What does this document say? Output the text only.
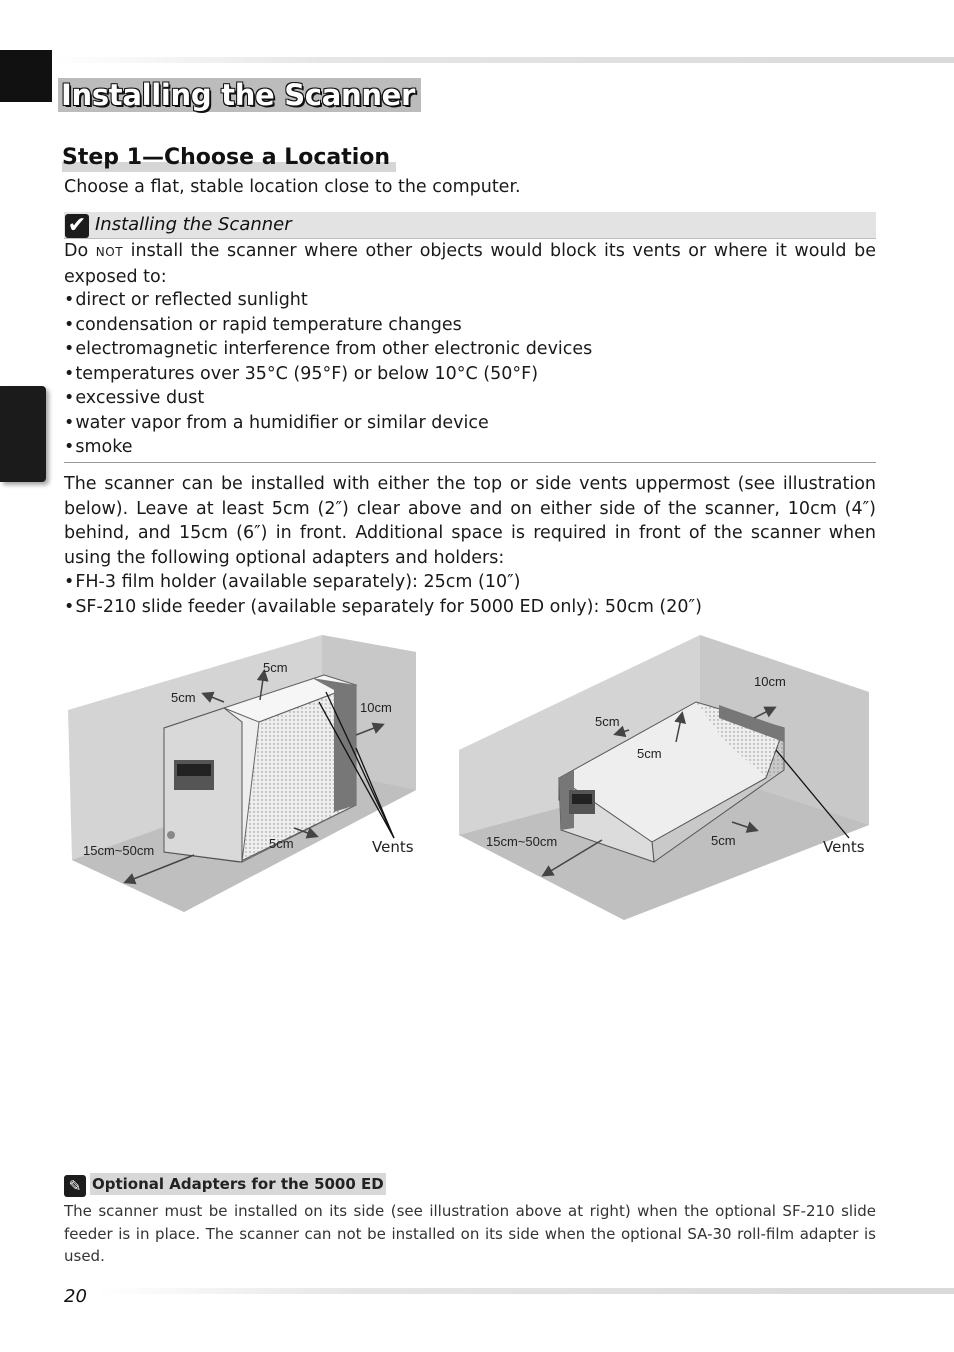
Installing the Scanner
Step 1—Choose a Location
Choose a flat, stable location close to the computer.
✔ Installing the Scanner
Do NOT install the scanner where other objects would block its vents or where it would be exposed to:
• direct or reflected sunlight
• condensation or rapid temperature changes
• electromagnetic interference from other electronic devices
• temperatures over 35°C (95°F) or below 10°C (50°F)
• excessive dust
• water vapor from a humidifier or similar device
• smoke
The scanner can be installed with either the top or side vents uppermost (see illustration below). Leave at least 5cm (2″) clear above and on either side of the scanner, 10cm (4″) behind, and 15cm (6″) in front. Additional space is required in front of the scanner when using the following optional adapters and holders:
• FH-3 film holder (available separately): 25cm (10″)
• SF-210 slide feeder (available separately for 5000 ED only): 50cm (20″)
5cm
5cm
10cm
15cm~50cm	5cm	Vents
10cm
5cm
5cm
15cm~50cm	5cm	Vents
✎ Optional Adapters for the 5000 ED
The scanner must be installed on its side (see illustration above at right) when the optional SF-210 slide feeder is in place. The scanner can not be installed on its side when the optional SA-30 roll-film adapter is used.
20
